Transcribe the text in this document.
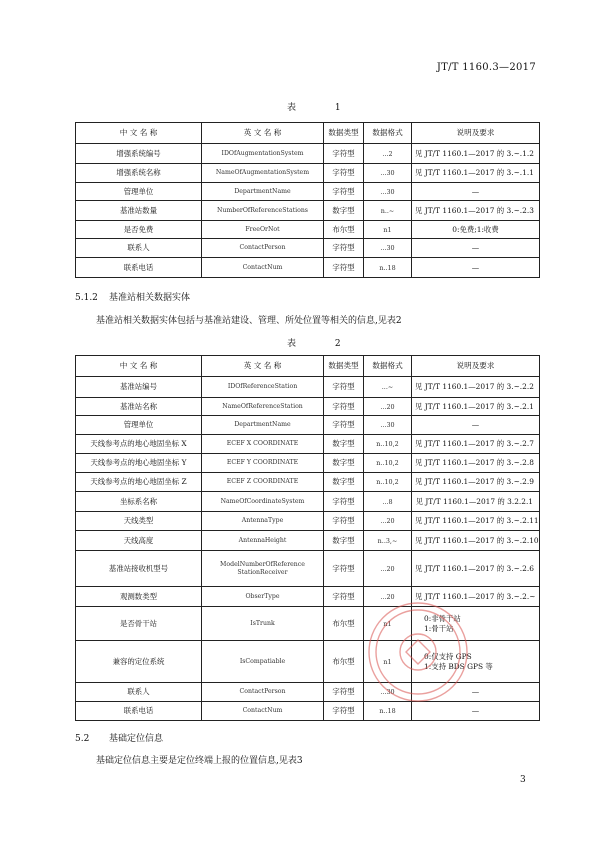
JT/T 1160.3—2017
表 1
中 文 名 称	英 文 名 称	数据类型	数据格式	说明及要求
增强系统编号	IDOfAugmentationSystem	字符型	...2	见 JT/T 1160.1—2017 的 3.~.1.2
增强系统名称	NameOfAugmentationSystem	字符型	...30	见 JT/T 1160.1—2017 的 3.~.1.1
管理单位	DepartmentName	字符型	...30	—
基准站数量	NumberOfReferenceStations	数字型	n..~	见 JT/T 1160.1—2017 的 3.~.2.3
是否免费	FreeOrNot	布尔型	n1	0:免费;1:收费
联系人	ContactPerson	字符型	...30	—
联系电话	ContactNum	字符型	n..18	—
5.1.2 基准站相关数据实体
基准站相关数据实体包括与基准站建设、管理、所处位置等相关的信息,见表2
表 2
中 文 名 称	英 文 名 称	数据类型	数据格式	说明及要求
基准站编号	IDOfReferenceStation	字符型	...~	见 JT/T 1160.1—2017 的 3.~.2.2
基准站名称	NameOfReferenceStation	字符型	...20	见 JT/T 1160.1—2017 的 3.~.2.1
管理单位	DepartmentName	字符型	...30	—
天线参考点的地心地固坐标 X	ECEF X COORDINATE	数字型	n..10,2	见 JT/T 1160.1—2017 的 3.~.2.7
天线参考点的地心地固坐标 Y	ECEF Y COORDINATE	数字型	n..10,2	见 JT/T 1160.1—2017 的 3.~.2.8
天线参考点的地心地固坐标 Z	ECEF Z COORDINATE	数字型	n..10,2	见 JT/T 1160.1—2017 的 3.~.2.9
坐标系名称	NameOfCoordinateSystem	字符型	...8	见 JT/T 1160.1—2017 的 3.2.2.1
天线类型	AntennaType	字符型	...20	见 JT/T 1160.1—2017 的 3.~.2.11
天线高度	AntennaHeight	数字型	n..3,~	见 JT/T 1160.1—2017 的 3.~.2.10
基准站接收机型号	ModelNumberOfReference
StationReceiver	字符型	...20	见 JT/T 1160.1—2017 的 3.~.2.6
观测数类型	ObserType	字符型	...20	见 JT/T 1160.1—2017 的 3.~.2.~
是否骨干站	IsTrunk	布尔型	n1	0:非骨干站
1:骨干站

兼容的定位系统	IsCompatiable	布尔型	n1	0:仅支持 GPS
1:支持 BDS GPS 等

联系人	ContactPerson	字符型	...30	—
联系电话	ContactNum	字符型	n..18	—
5.2 基础定位信息
基础定位信息主要是定位终端上报的位置信息,见表3
3
